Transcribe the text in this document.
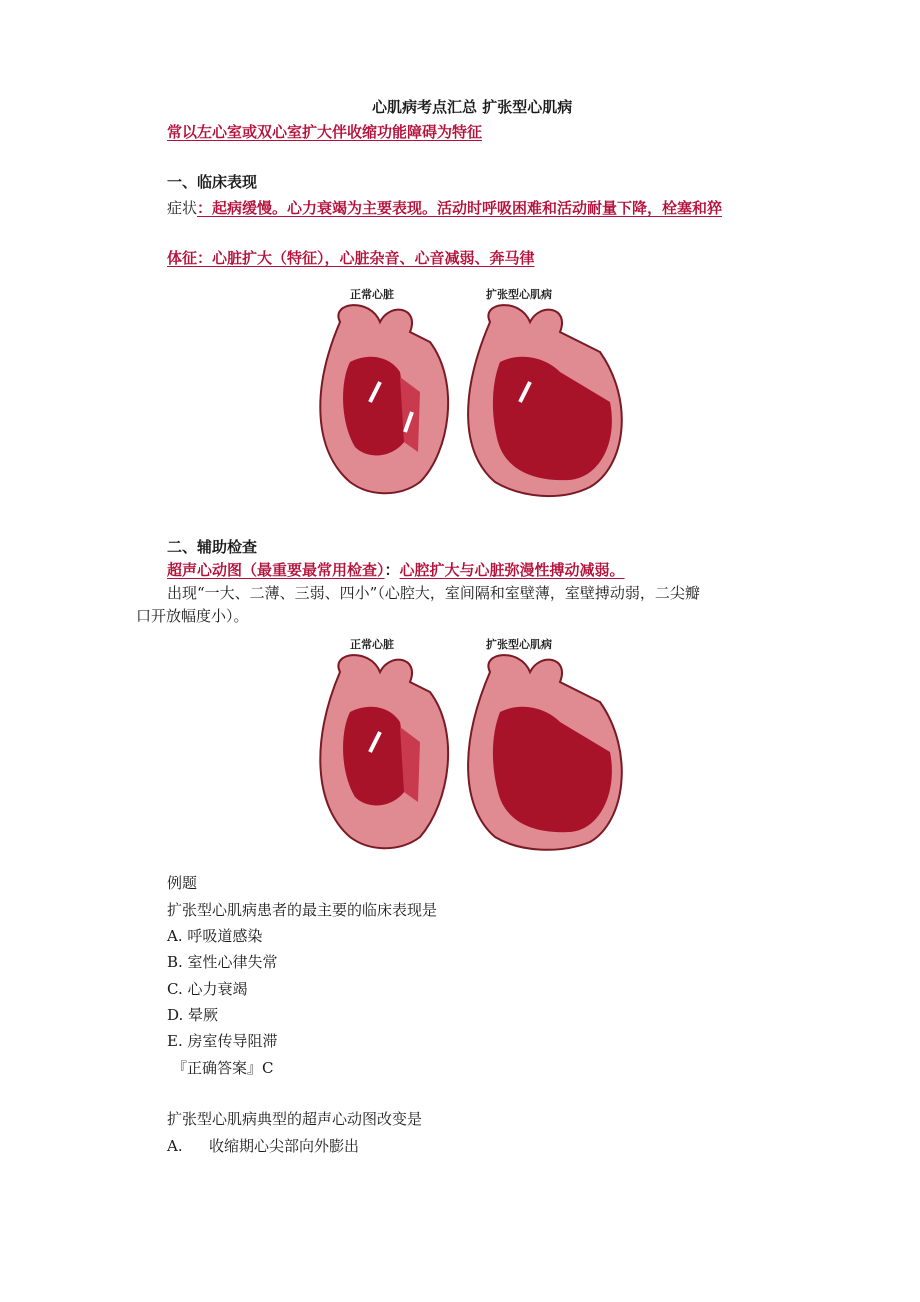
心肌病考点汇总 扩张型心肌病
常以左心室或双心室扩大伴收缩功能障碍为特征
一、临床表现
症状：起病缓慢。心力衰竭为主要表现。活动时呼吸困难和活动耐量下降，栓塞和猝
体征：心脏扩大（特征），心脏杂音、心音减弱、奔马律
正常心脏	扩张型心肌病
二、辅助检查
超声心动图（最重要最常用检查）：心腔扩大与心脏弥漫性搏动减弱。
出现“一大、二薄、三弱、四小”（心腔大，室间隔和室壁薄，室壁搏动弱，二尖瓣
口开放幅度小）。
正常心脏	扩张型心肌病
例题
扩张型心肌病患者的最主要的临床表现是
A. 呼吸道感染
B. 室性心律失常
C. 心力衰竭
D. 晕厥
E. 房室传导阻滞
『正确答案』C
扩张型心肌病典型的超声心动图改变是
A. 收缩期心尖部向外膨出
